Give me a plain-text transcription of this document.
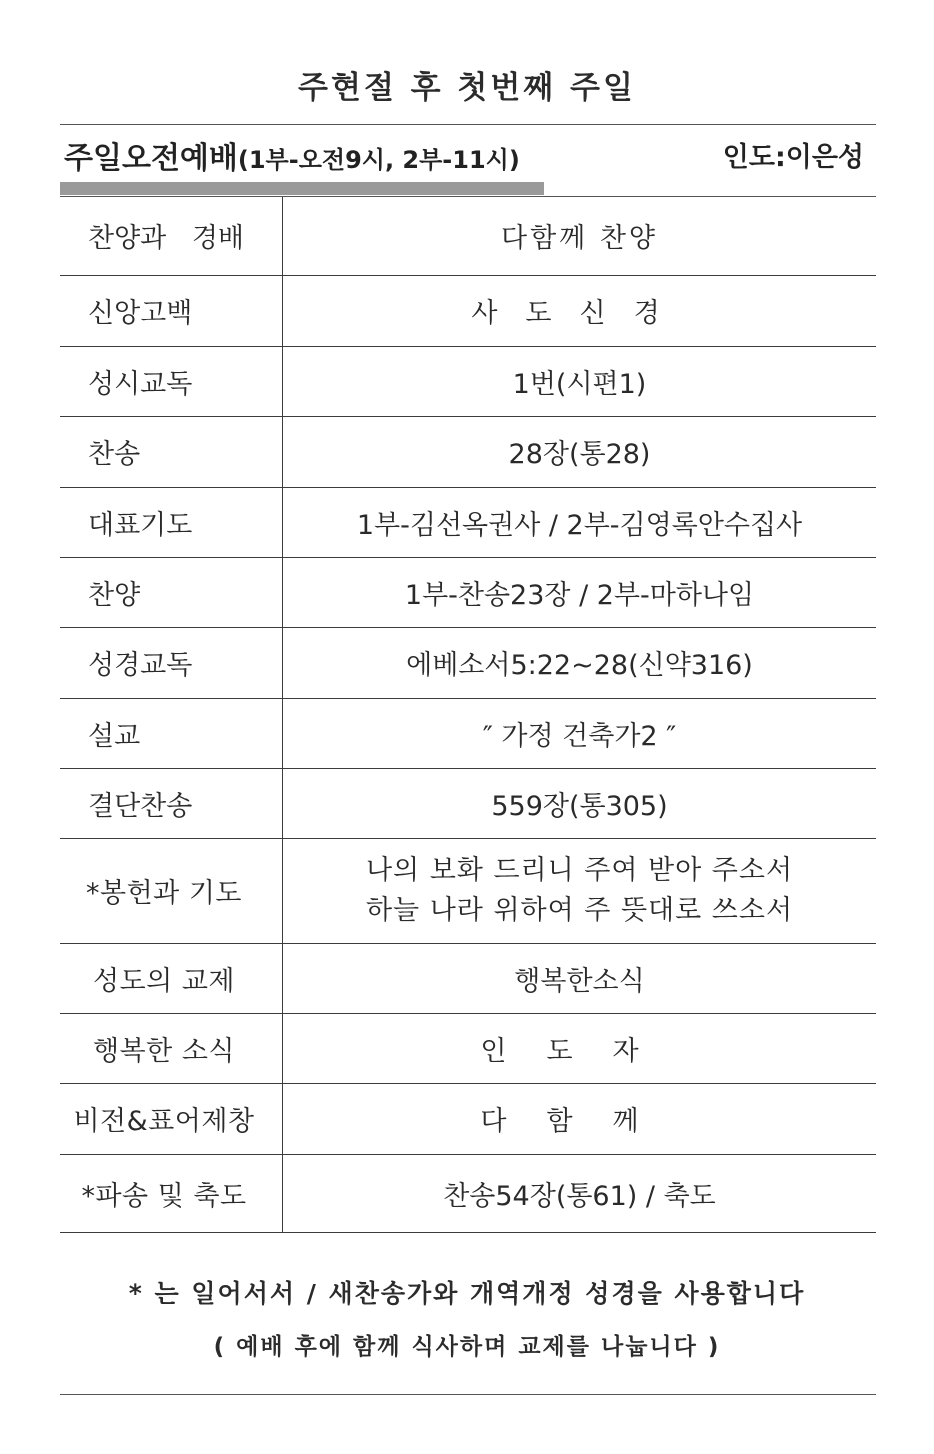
주현절 후 첫번째 주일
주일오전예배(1부-오전9시, 2부-11시)	인도:이은성
찬양과 경배	다함께 찬양

신앙고백	사도신경

성시교독	1번(시편1)

찬송	28장(통28)

대표기도	1부-김선옥권사 / 2부-김영록안수집사

찬양	1부-찬송23장 / 2부-마하나임

성경교독	에베소서5:22~28(신약316)

설교	″ 가정 건축가2 ″

결단찬송	559장(통305)

*봉헌과 기도	나의 보화 드리니 주여 받아 주소서
하늘 나라 위하여 주 뜻대로 쓰소서

성도의 교제	행복한소식

행복한 소식	인도자

비전&표어제창	다함께

*파송 및 축도	찬송54장(통61) / 축도
* 는 일어서서 / 새찬송가와 개역개정 성경을 사용합니다
( 예배 후에 함께 식사하며 교제를 나눕니다 )
